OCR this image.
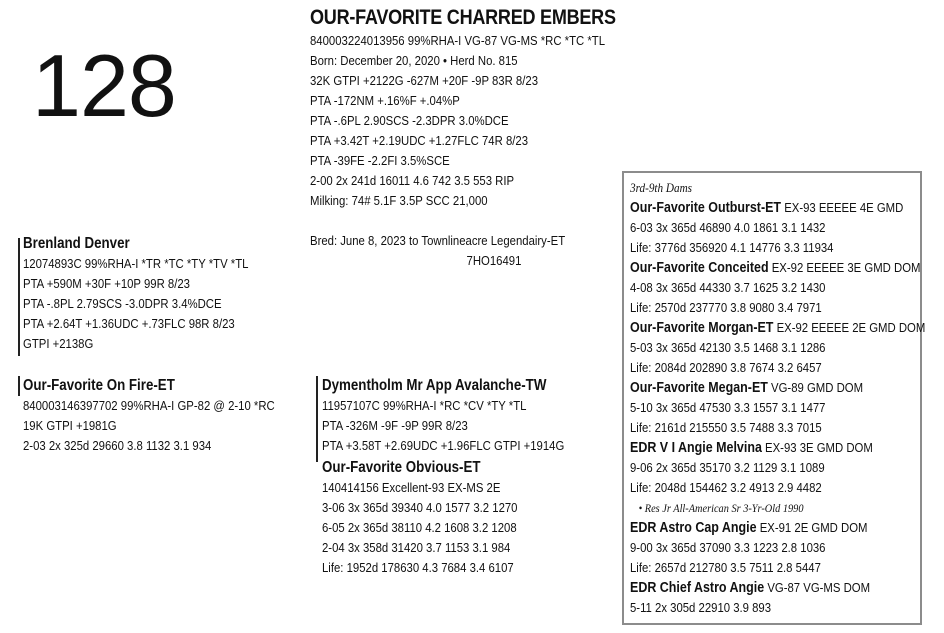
128
OUR-FAVORITE CHARRED EMBERS
840003224013956 99%RHA-I VG-87 VG-MS *RC *TC *TL
Born: December 20, 2020 • Herd No. 815
32K GTPI +2122G -627M +20F -9P 83R 8/23
PTA -172NM +.16%F +.04%P
PTA -.6PL 2.90SCS -2.3DPR 3.0%DCE
PTA +3.42T +2.19UDC +1.27FLC 74R 8/23
PTA -39FE -2.2FI 3.5%SCE
2-00 2x 241d 16011 4.6 742 3.5 553 RIP
Milking: 74# 5.1F 3.5P SCC 21,000
Bred: June 8, 2023 to Townlineacre Legendairy-ET
7HO16491
Brenland Denver
12074893C 99%RHA-I *TR *TC *TY *TV *TL
PTA +590M +30F +10P 99R 8/23
PTA -.8PL 2.79SCS -3.0DPR 3.4%DCE
PTA +2.64T +1.36UDC +.73FLC 98R 8/23
GTPI +2138G
Our-Favorite On Fire-ET
840003146397702 99%RHA-I GP-82 @ 2-10 *RC
19K GTPI +1981G
2-03 2x 325d 29660 3.8 1132 3.1 934
Dymentholm Mr App Avalanche-TW
11957107C 99%RHA-I *RC *CV *TY *TL
PTA -326M -9F -9P 99R 8/23
PTA +3.58T +2.69UDC +1.96FLC GTPI +1914G
Our-Favorite Obvious-ET
140414156 Excellent-93 EX-MS 2E
3-06 3x 365d 39340 4.0 1577 3.2 1270
6-05 2x 365d 38110 4.2 1608 3.2 1208
2-04 3x 358d 31420 3.7 1153 3.1 984
Life: 1952d 178630 4.3 7684 3.4 6107
3rd-9th Dams
Our-Favorite Outburst-ET EX-93 EEEEE 4E GMD
6-03 3x 365d 46890 4.0 1861 3.1 1432
Life: 3776d 356920 4.1 14776 3.3 11934
Our-Favorite Conceited EX-92 EEEEE 3E GMD DOM
4-08 3x 365d 44330 3.7 1625 3.2 1430
Life: 2570d 237770 3.8 9080 3.4 7971
Our-Favorite Morgan-ET EX-92 EEEEE 2E GMD DOM
5-03 3x 365d 42130 3.5 1468 3.1 1286
Life: 2084d 202890 3.8 7674 3.2 6457
Our-Favorite Megan-ET VG-89 GMD DOM
5-10 3x 365d 47530 3.3 1557 3.1 1477
Life: 2161d 215550 3.5 7488 3.3 7015
EDR V I Angie Melvina EX-93 3E GMD DOM
9-06 2x 365d 35170 3.2 1129 3.1 1089
Life: 2048d 154462 3.2 4913 2.9 4482
• Res Jr All-American Sr 3-Yr-Old 1990
EDR Astro Cap Angie EX-91 2E GMD DOM
9-00 3x 365d 37090 3.3 1223 2.8 1036
Life: 2657d 212780 3.5 7511 2.8 5447
EDR Chief Astro Angie VG-87 VG-MS DOM
5-11 2x 305d 22910 3.9 893
